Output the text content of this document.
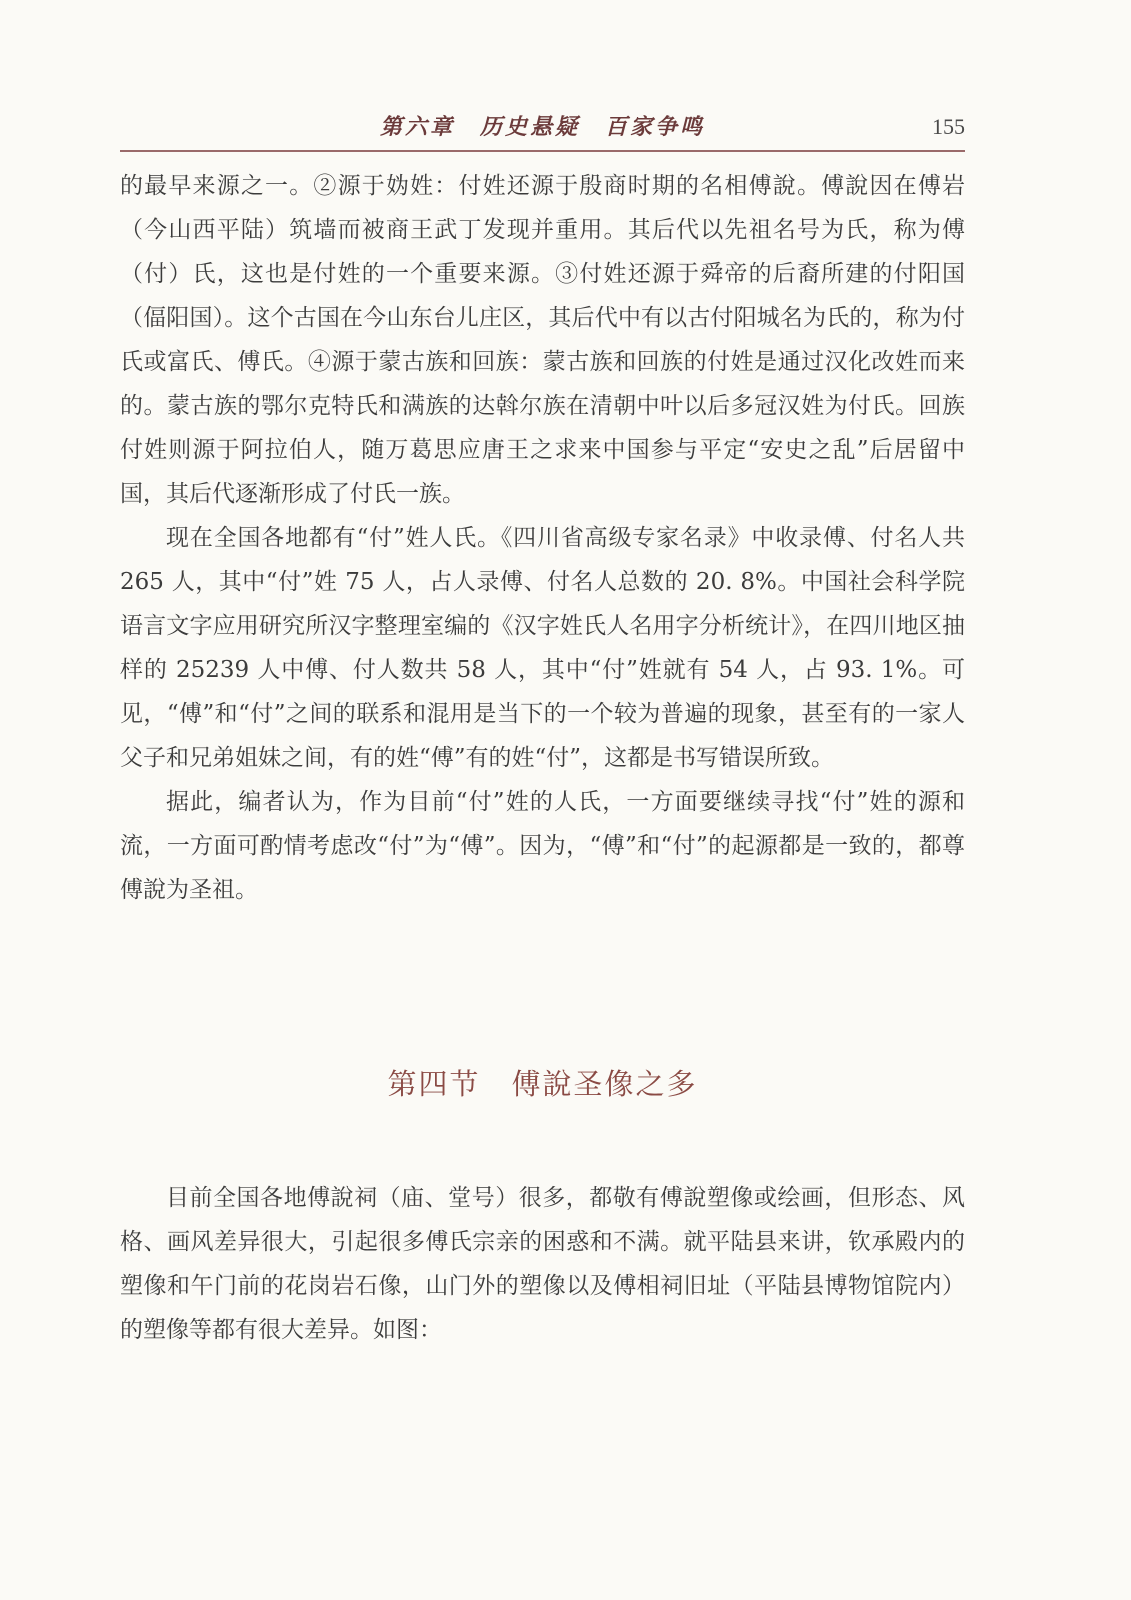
第六章　历史悬疑　百家争鸣	155

的最早来源之一。②源于妫姓：付姓还源于殷商时期的名相傅說。傅說因在傅岩（今山西平陆）筑墙而被商王武丁发现并重用。其后代以先祖名号为氏，称为傅（付）氏，这也是付姓的一个重要来源。③付姓还源于舜帝的后裔所建的付阳国（偪阳国）。这个古国在今山东台儿庄区，其后代中有以古付阳城名为氏的，称为付氏或富氏、傅氏。④源于蒙古族和回族：蒙古族和回族的付姓是通过汉化改姓而来的。蒙古族的鄂尔克特氏和满族的达斡尔族在清朝中叶以后多冠汉姓为付氏。回族付姓则源于阿拉伯人，随万葛思应唐王之求来中国参与平定“安史之乱”后居留中国，其后代逐渐形成了付氏一族。

现在全国各地都有“付”姓人氏。《四川省高级专家名录》中收录傅、付名人共 265 人，其中“付”姓 75 人，占人录傅、付名人总数的 20. 8%。中国社会科学院语言文字应用研究所汉字整理室编的《汉字姓氏人名用字分析统计》，在四川地区抽样的 25239 人中傅、付人数共 58 人，其中“付”姓就有 54 人，占 93. 1%。可见，“傅”和“付”之间的联系和混用是当下的一个较为普遍的现象，甚至有的一家人父子和兄弟姐妹之间，有的姓“傅”有的姓“付”，这都是书写错误所致。

据此，编者认为，作为目前“付”姓的人氏，一方面要继续寻找“付”姓的源和流，一方面可酌情考虑改“付”为“傅”。因为，“傅”和“付”的起源都是一致的，都尊傅說为圣祖。

第四节　傅說圣像之多

目前全国各地傅說祠（庙、堂号）很多，都敬有傅說塑像或绘画，但形态、风格、画风差异很大，引起很多傅氏宗亲的困惑和不满。就平陆县来讲，钦承殿内的塑像和午门前的花岗岩石像，山门外的塑像以及傅相祠旧址（平陆县博物馆院内）的塑像等都有很大差异。如图：
